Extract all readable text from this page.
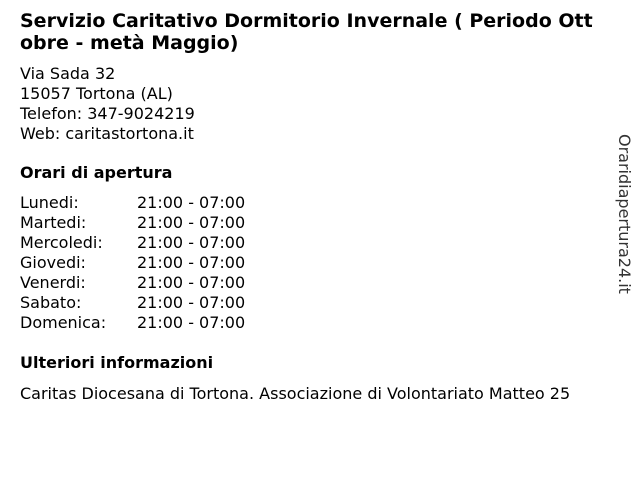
Servizio Caritativo Dormitorio Invernale ( Periodo Ott
obre - metà Maggio)
Via Sada 32
15057 Tortona (AL)
Telefon: 347-9024219
Web: caritastortona.it
Orari di apertura
Lunedi:	21:00 - 07:00
Martedi:	21:00 - 07:00
Mercoledi:	21:00 - 07:00
Giovedi:	21:00 - 07:00
Venerdi:	21:00 - 07:00
Sabato:	21:00 - 07:00
Domenica:	21:00 - 07:00
Ulteriori informazioni
Caritas Diocesana di Tortona. Associazione di Volontariato Matteo 25
Oraridiapertura24.it
